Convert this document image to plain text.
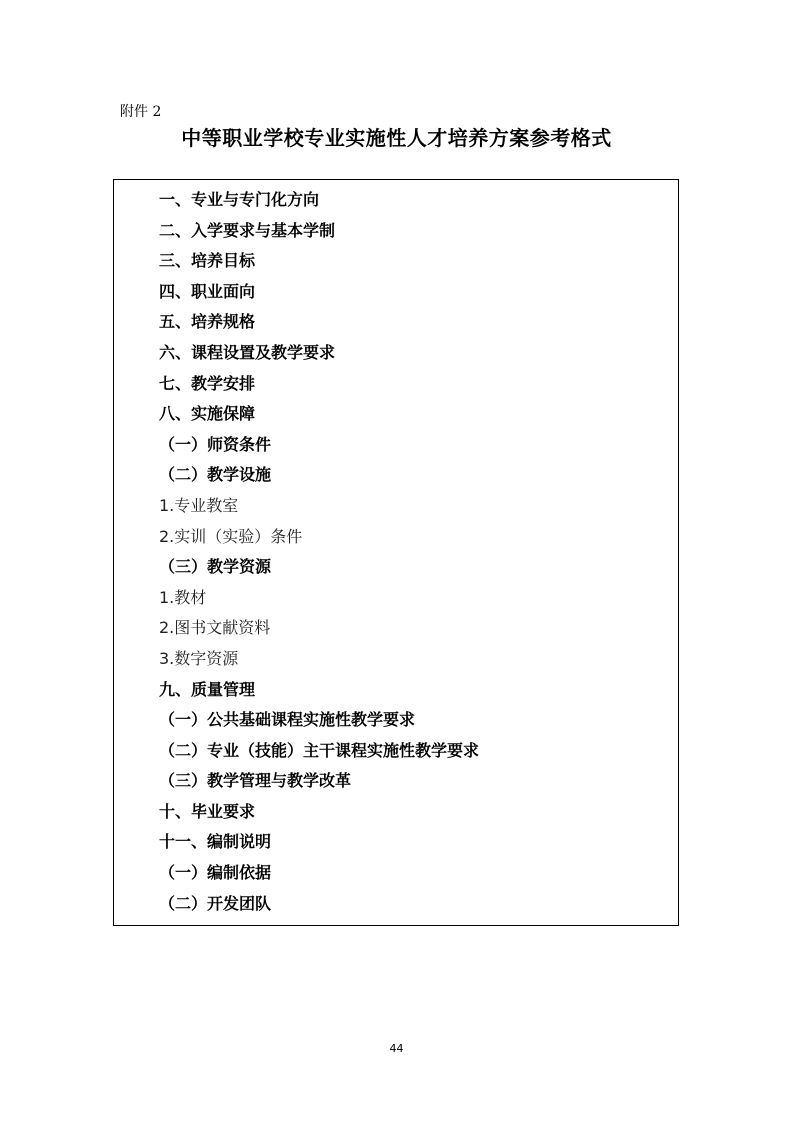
附件 2
中等职业学校专业实施性人才培养方案参考格式
一、专业与专门化方向
二、入学要求与基本学制
三、培养目标
四、职业面向
五、培养规格
六、课程设置及教学要求
七、教学安排
八、实施保障
（一）师资条件
（二）教学设施
1.专业教室
2.实训（实验）条件
（三）教学资源
1.教材
2.图书文献资料
3.数字资源
九、质量管理
（一）公共基础课程实施性教学要求
（二）专业（技能）主干课程实施性教学要求
（三）教学管理与教学改革
十、毕业要求
十一、编制说明
（一）编制依据
（二）开发团队
44
